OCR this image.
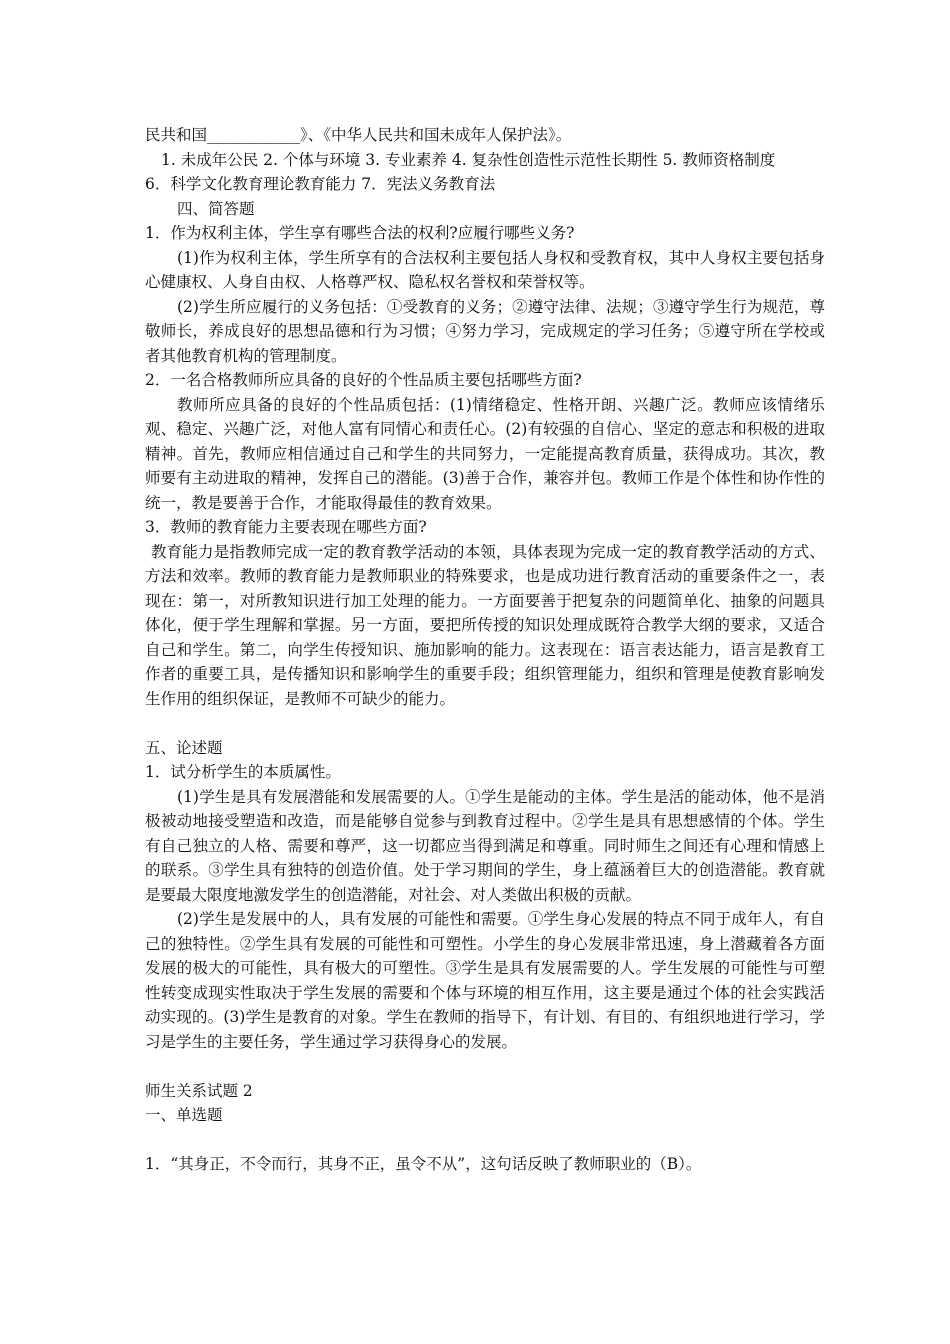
民共和国____________》、《中华人民共和国未成年人保护法》。

1. 未成年公民 2. 个体与环境 3. 专业素养 4. 复杂性创造性示范性长期性 5. 教师资格制度

6．科学文化教育理论教育能力 7．宪法义务教育法

四、简答题

1．作为权利主体，学生享有哪些合法的权利?应履行哪些义务?

(1)作为权利主体，学生所享有的合法权利主要包括人身权和受教育权，其中人身权主要包括身心健康权、人身自由权、人格尊严权、隐私权名誉权和荣誉权等。

(2)学生所应履行的义务包括：①受教育的义务；②遵守法律、法规；③遵守学生行为规范，尊敬师长，养成良好的思想品德和行为习惯；④努力学习，完成规定的学习任务；⑤遵守所在学校或者其他教育机构的管理制度。

2．一名合格教师所应具备的良好的个性品质主要包括哪些方面?

教师所应具备的良好的个性品质包括：(1)情绪稳定、性格开朗、兴趣广泛。教师应该情绪乐观、稳定、兴趣广泛，对他人富有同情心和责任心。(2)有较强的自信心、坚定的意志和积极的进取精神。首先，教师应相信通过自己和学生的共同努力，一定能提高教育质量，获得成功。其次，教师要有主动进取的精神，发挥自己的潜能。(3)善于合作，兼容并包。教师工作是个体性和协作性的统一，教是要善于合作，才能取得最佳的教育效果。

3．教师的教育能力主要表现在哪些方面?

教育能力是指教师完成一定的教育教学活动的本领，具体表现为完成一定的教育教学活动的方式、方法和效率。教师的教育能力是教师职业的特殊要求，也是成功进行教育活动的重要条件之一，表现在：第一，对所教知识进行加工处理的能力。一方面要善于把复杂的问题简单化、抽象的问题具体化，便于学生理解和掌握。另一方面，要把所传授的知识处理成既符合教学大纲的要求，又适合自己和学生。第二，向学生传授知识、施加影响的能力。这表现在：语言表达能力，语言是教育工作者的重要工具，是传播知识和影响学生的重要手段；组织管理能力，组织和管理是使教育影响发生作用的组织保证，是教师不可缺少的能力。

五、论述题

1．试分析学生的本质属性。

(1)学生是具有发展潜能和发展需要的人。①学生是能动的主体。学生是活的能动体，他不是消极被动地接受塑造和改造，而是能够自觉参与到教育过程中。②学生是具有思想感情的个体。学生有自己独立的人格、需要和尊严，这一切都应当得到满足和尊重。同时师生之间还有心理和情感上的联系。③学生具有独特的创造价值。处于学习期间的学生，身上蕴涵着巨大的创造潜能。教育就是要最大限度地激发学生的创造潜能，对社会、对人类做出积极的贡献。

(2)学生是发展中的人，具有发展的可能性和需要。①学生身心发展的特点不同于成年人，有自己的独特性。②学生具有发展的可能性和可塑性。小学生的身心发展非常迅速，身上潜藏着各方面发展的极大的可能性，具有极大的可塑性。③学生是具有发展需要的人。学生发展的可能性与可塑性转变成现实性取决于学生发展的需要和个体与环境的相互作用，这主要是通过个体的社会实践活动实现的。(3)学生是教育的对象。学生在教师的指导下，有计划、有目的、有组织地进行学习，学习是学生的主要任务，学生通过学习获得身心的发展。

师生关系试题 2

一、单选题

1．“其身正，不令而行，其身不正，虽令不从”，这句话反映了教师职业的（B）。
